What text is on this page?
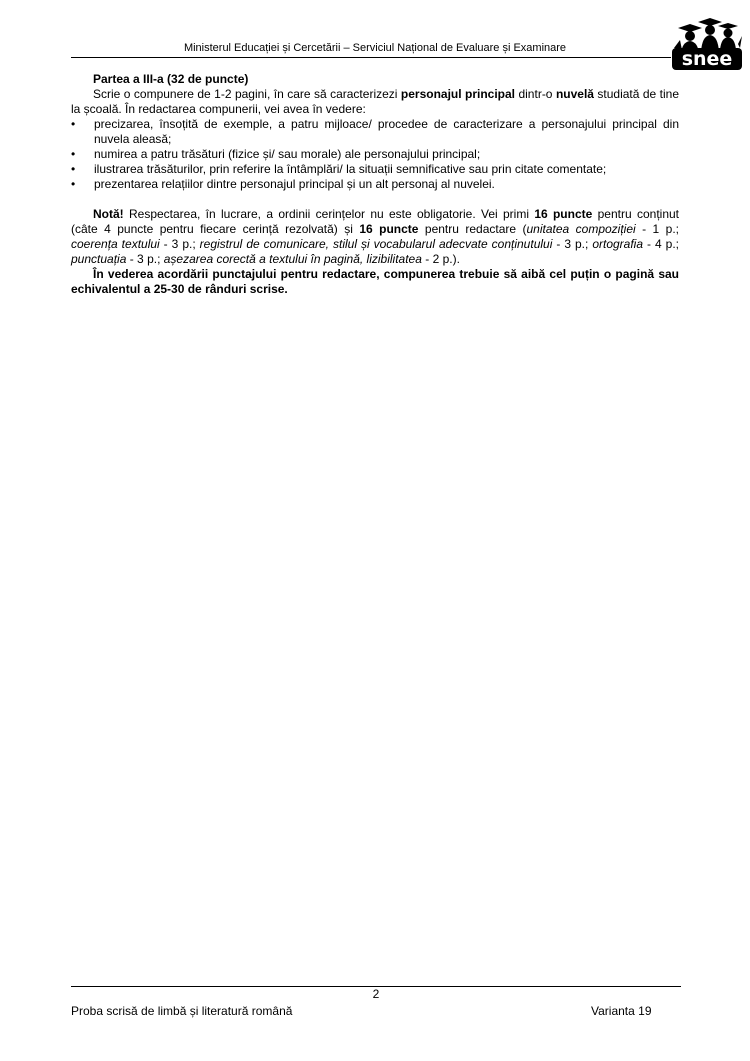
Ministerul Educației și Cercetării – Serviciul Național de Evaluare și Examinare	snee

Partea a III-a (32 de puncte)

Scrie o compunere de 1-2 pagini, în care să caracterizezi personajul principal dintr-o nuvelă studiată de tine la școală. În redactarea compunerii, vei avea în vedere:

• precizarea, însoțită de exemple, a patru mijloace/ procedee de caracterizare a personajului principal din nuvela aleasă;
• numirea a patru trăsături (fizice și/ sau morale) ale personajului principal;
• ilustrarea trăsăturilor, prin referire la întâmplări/ la situații semnificative sau prin citate comentate;
• prezentarea relațiilor dintre personajul principal și un alt personaj al nuvelei.

Notă! Respectarea, în lucrare, a ordinii cerințelor nu este obligatorie. Vei primi 16 puncte pentru conținut (câte 4 puncte pentru fiecare cerință rezolvată) și 16 puncte pentru redactare (unitatea compoziției - 1 p.; coerența textului - 3 p.; registrul de comunicare, stilul și vocabularul adecvate conținutului - 3 p.; ortografia - 4 p.; punctuația - 3 p.; așezarea corectă a textului în pagină, lizibilitatea - 2 p.).

În vederea acordării punctajului pentru redactare, compunerea trebuie să aibă cel puțin o pagină sau echivalentul a 25-30 de rânduri scrise.

2
Proba scrisă de limbă și literatură română	Varianta 19
